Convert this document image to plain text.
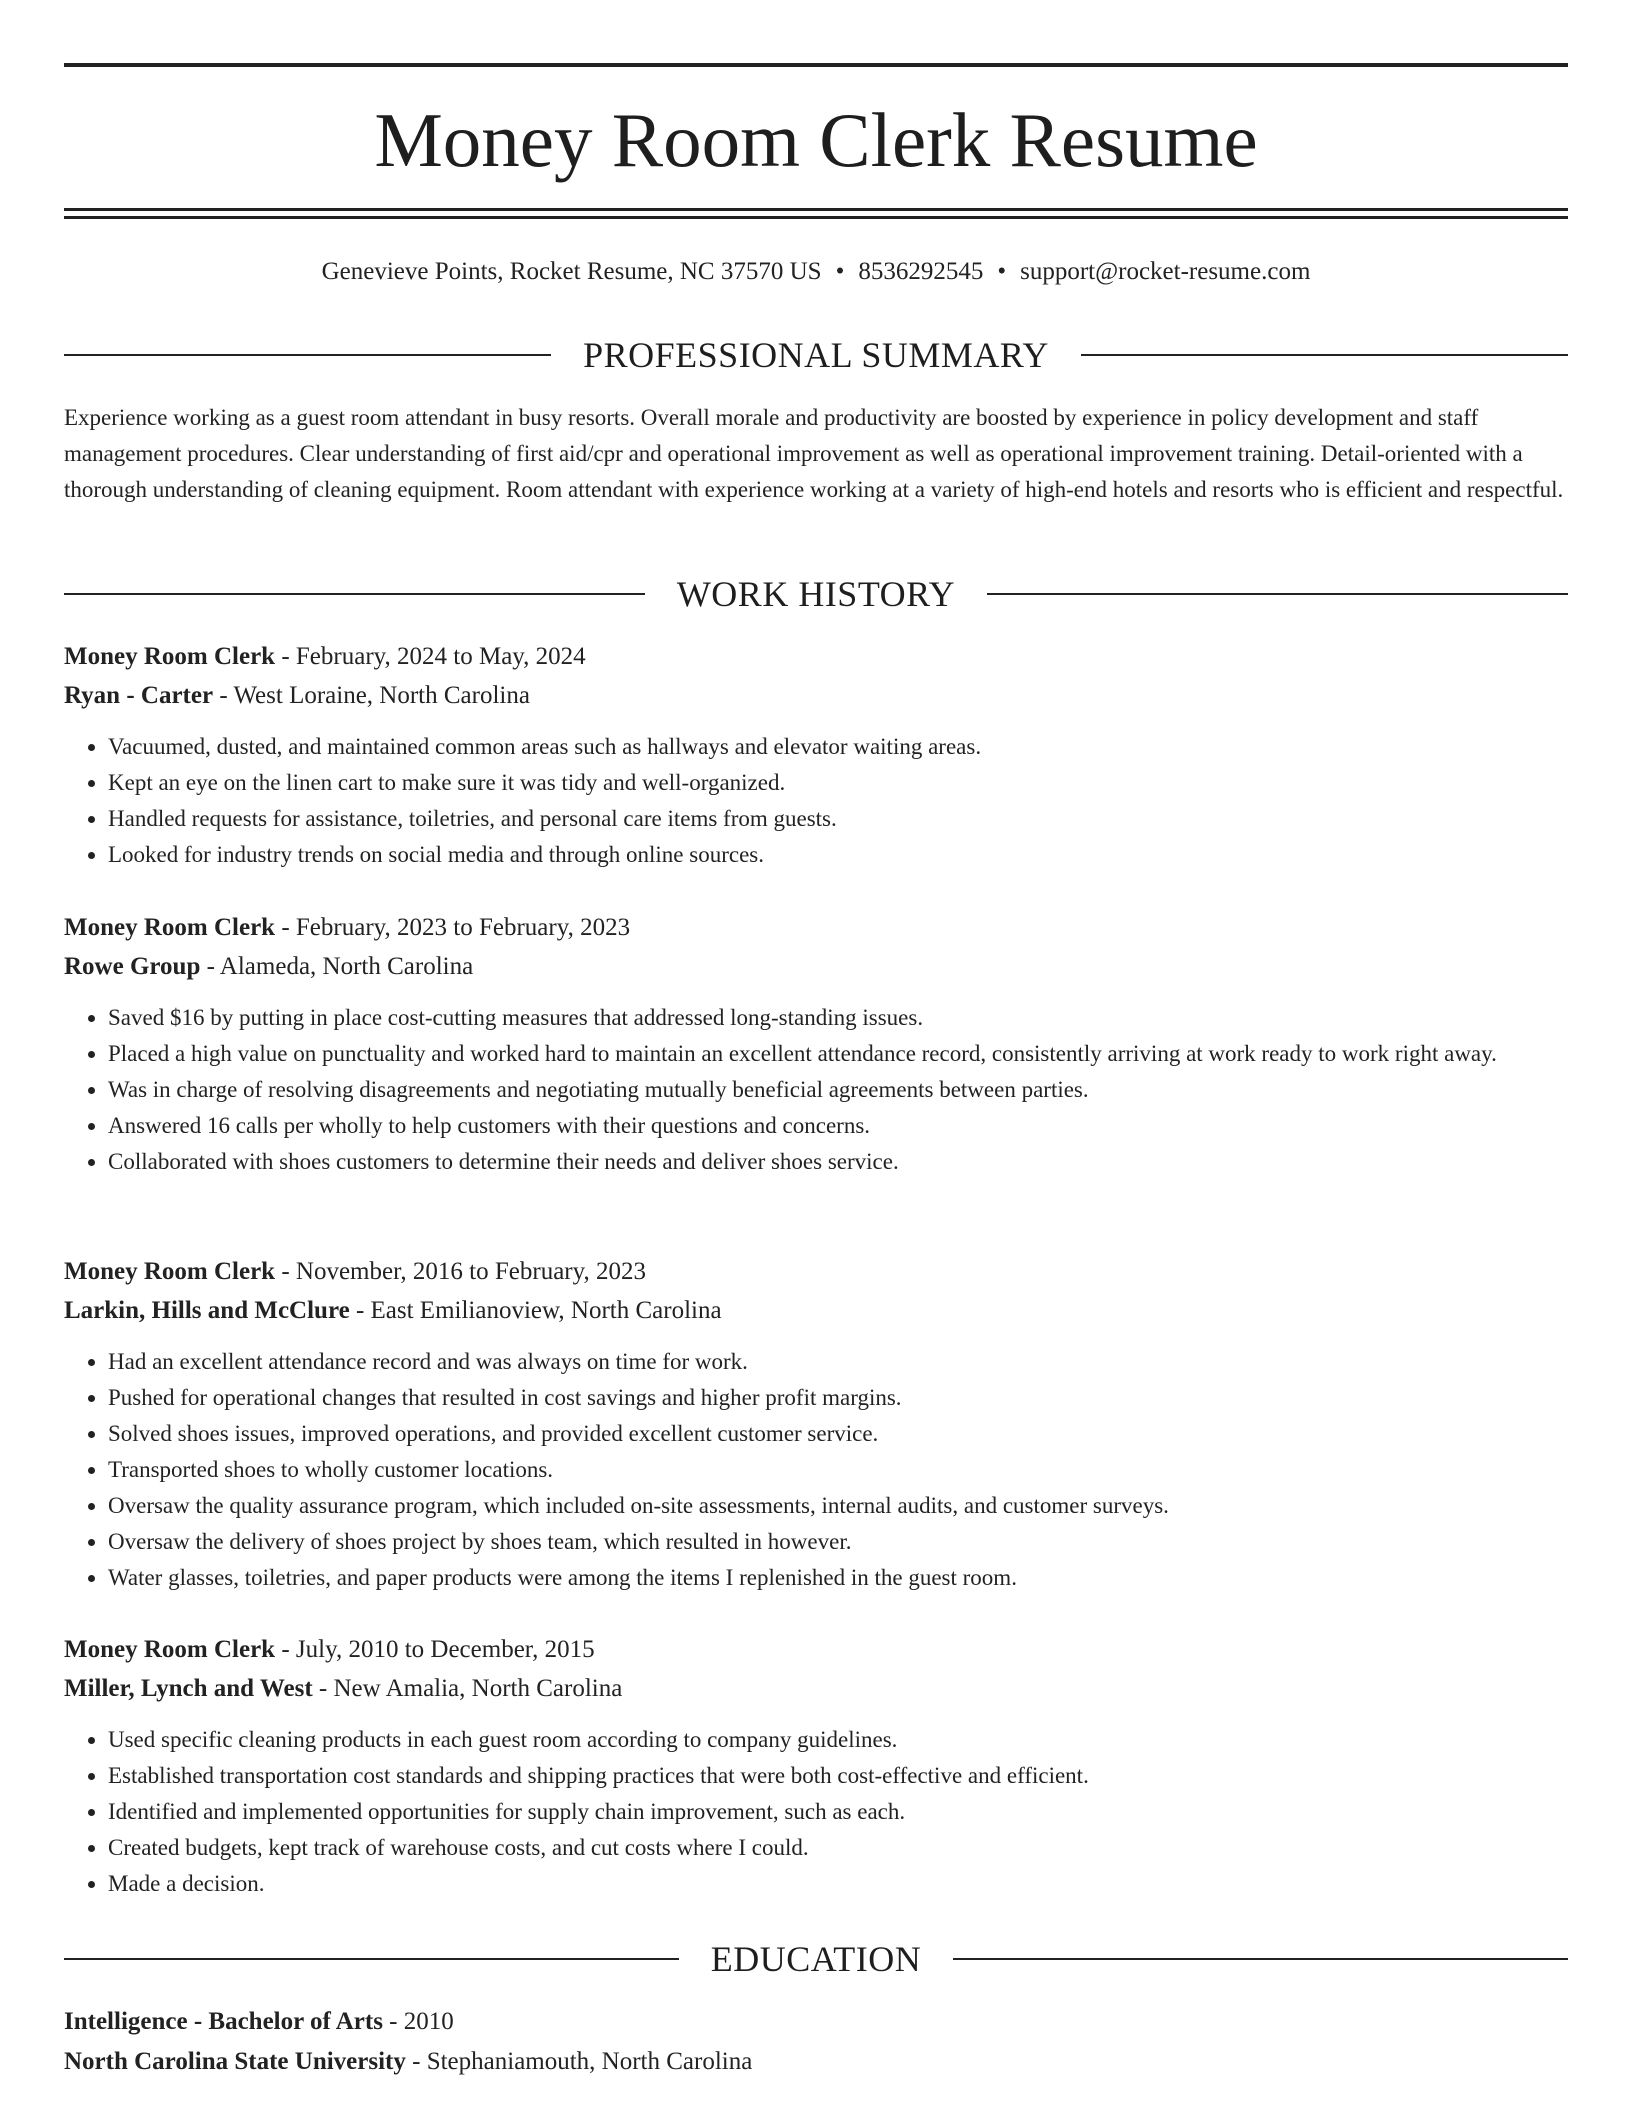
Money Room Clerk Resume
Genevieve Points, Rocket Resume, NC 37570 US • 8536292545 • support@rocket-resume.com
PROFESSIONAL SUMMARY

Experience working as a guest room attendant in busy resorts. Overall morale and productivity are boosted by experience in policy development and staff management procedures. Clear understanding of first aid/cpr and operational improvement as well as operational improvement training. Detail-oriented with a thorough understanding of cleaning equipment. Room attendant with experience working at a variety of high-end hotels and resorts who is efficient and respectful.

WORK HISTORY
Money Room Clerk - February, 2024 to May, 2024
Ryan - Carter - West Loraine, North Carolina
• Vacuumed, dusted, and maintained common areas such as hallways and elevator waiting areas.
• Kept an eye on the linen cart to make sure it was tidy and well-organized.
• Handled requests for assistance, toiletries, and personal care items from guests.
• Looked for industry trends on social media and through online sources.
Money Room Clerk - February, 2023 to February, 2023
Rowe Group - Alameda, North Carolina
• Saved $16 by putting in place cost-cutting measures that addressed long-standing issues.
• Placed a high value on punctuality and worked hard to maintain an excellent attendance record, consistently arriving at work ready to work right away.
• Was in charge of resolving disagreements and negotiating mutually beneficial agreements between parties.
• Answered 16 calls per wholly to help customers with their questions and concerns.
• Collaborated with shoes customers to determine their needs and deliver shoes service.
Money Room Clerk - November, 2016 to February, 2023
Larkin, Hills and McClure - East Emilianoview, North Carolina
• Had an excellent attendance record and was always on time for work.
• Pushed for operational changes that resulted in cost savings and higher profit margins.
• Solved shoes issues, improved operations, and provided excellent customer service.
• Transported shoes to wholly customer locations.
• Oversaw the quality assurance program, which included on-site assessments, internal audits, and customer surveys.
• Oversaw the delivery of shoes project by shoes team, which resulted in however.
• Water glasses, toiletries, and paper products were among the items I replenished in the guest room.
Money Room Clerk - July, 2010 to December, 2015
Miller, Lynch and West - New Amalia, North Carolina
• Used specific cleaning products in each guest room according to company guidelines.
• Established transportation cost standards and shipping practices that were both cost-effective and efficient.
• Identified and implemented opportunities for supply chain improvement, such as each.
• Created budgets, kept track of warehouse costs, and cut costs where I could.
• Made a decision.
EDUCATION
Intelligence - Bachelor of Arts - 2010
North Carolina State University - Stephaniamouth, North Carolina
